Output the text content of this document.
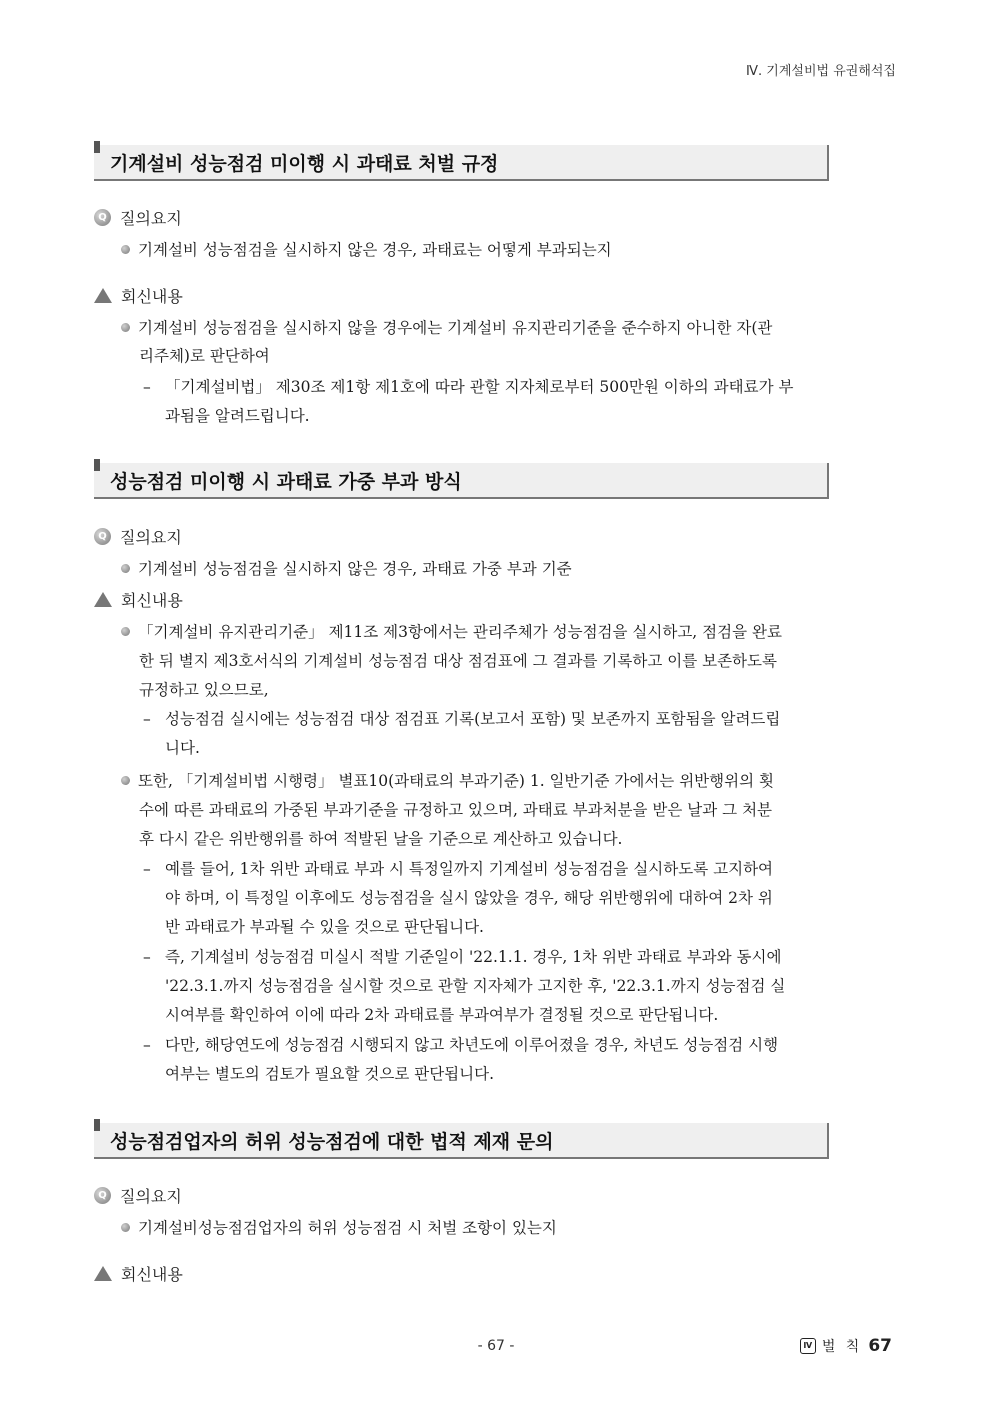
Ⅳ. 기계설비법 유권해석집
기계설비 성능점검 미이행 시 과태료 처벌 규정
Q 질의요지
기계설비 성능점검을 실시하지 않은 경우, 과태료는 어떻게 부과되는지
회신내용
기계설비 성능점검을 실시하지 않을 경우에는 기계설비 유지관리기준을 준수하지 아니한 자(관
리주체)로 판단하여
– 「기계설비법」 제30조 제1항 제1호에 따라 관할 지자체로부터 500만원 이하의 과태료가 부
과됨을 알려드립니다.
성능점검 미이행 시 과태료 가중 부과 방식
Q 질의요지
기계설비 성능점검을 실시하지 않은 경우, 과태료 가중 부과 기준
회신내용
「기계설비 유지관리기준」 제11조 제3항에서는 관리주체가 성능점검을 실시하고, 점검을 완료
한 뒤 별지 제3호서식의 기계설비 성능점검 대상 점검표에 그 결과를 기록하고 이를 보존하도록
규정하고 있으므로,
– 성능점검 실시에는 성능점검 대상 점검표 기록(보고서 포함) 및 보존까지 포함됨을 알려드립
니다.
또한, 「기계설비법 시행령」 별표10(과태료의 부과기준) 1. 일반기준 가에서는 위반행위의 횟
수에 따른 과태료의 가중된 부과기준을 규정하고 있으며, 과태료 부과처분을 받은 날과 그 처분
후 다시 같은 위반행위를 하여 적발된 날을 기준으로 계산하고 있습니다.
– 예를 들어, 1차 위반 과태료 부과 시 특정일까지 기계설비 성능점검을 실시하도록 고지하여
야 하며, 이 특정일 이후에도 성능점검을 실시 않았을 경우, 해당 위반행위에 대하여 2차 위
반 과태료가 부과될 수 있을 것으로 판단됩니다.
– 즉, 기계설비 성능점검 미실시 적발 기준일이 '22.1.1. 경우, 1차 위반 과태료 부과와 동시에
'22.3.1.까지 성능점검을 실시할 것으로 관할 지자체가 고지한 후, '22.3.1.까지 성능점검 실
시여부를 확인하여 이에 따라 2차 과태료를 부과여부가 결정될 것으로 판단됩니다.
– 다만, 해당연도에 성능점검 시행되지 않고 차년도에 이루어졌을 경우, 차년도 성능점검 시행
여부는 별도의 검토가 필요할 것으로 판단됩니다.
성능점검업자의 허위 성능점검에 대한 법적 제재 문의
Q 질의요지
기계설비성능점검업자의 허위 성능점검 시 처벌 조항이 있는지
회신내용
- 67 -	Ⅳ 벌 칙 67
